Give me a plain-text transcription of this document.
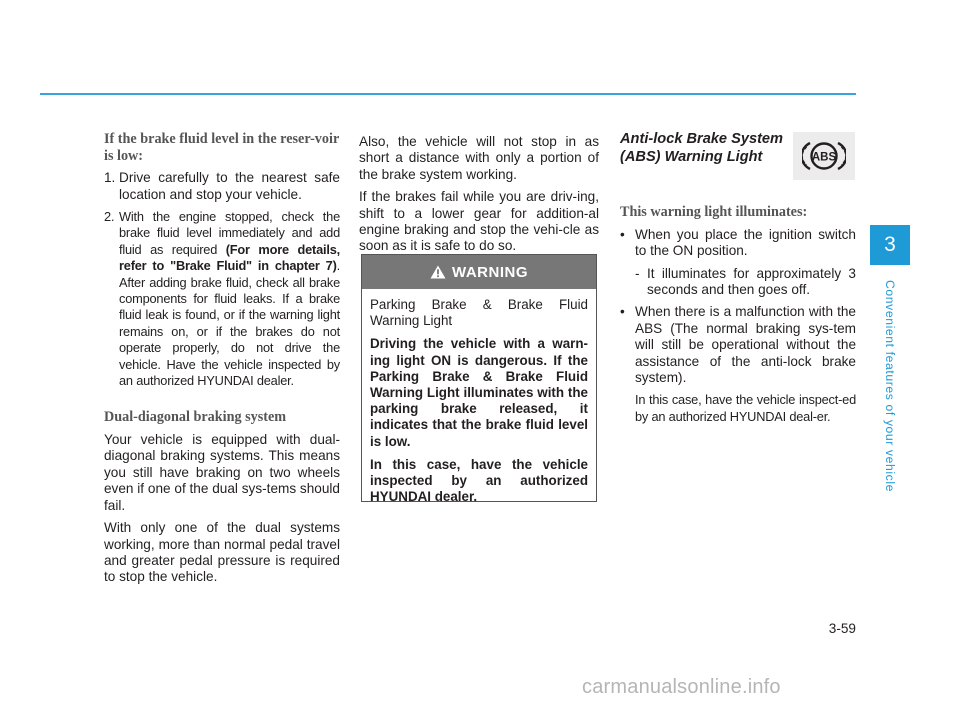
If the brake fluid level in the reser-voir is low:
1. Drive carefully to the nearest safe location and stop your vehicle.
2. With the engine stopped, check the brake fluid level immediately and add fluid as required (For more details, refer to "Brake Fluid" in chapter 7). After adding brake fluid, check all brake components for fluid leaks. If a brake fluid leak is found, or if the warning light remains on, or if the brakes do not operate properly, do not drive the vehicle. Have the vehicle inspected by an authorized HYUNDAI dealer.
Dual-diagonal braking system

Your vehicle is equipped with dual-diagonal braking systems. This means you still have braking on two wheels even if one of the dual sys-tems should fail.

With only one of the dual systems working, more than normal pedal travel and greater pedal pressure is required to stop the vehicle.

Also, the vehicle will not stop in as short a distance with only a portion of the brake system working.

If the brakes fail while you are driv-ing, shift to a lower gear for addition-al engine braking and stop the vehi-cle as soon as it is safe to do so.

WARNING

Parking Brake & Brake Fluid Warning Light

Driving the vehicle with a warn-ing light ON is dangerous. If the Parking Brake & Brake Fluid Warning Light illuminates with the parking brake released, it indicates that the brake fluid level is low.

In this case, have the vehicle inspected by an authorized HYUNDAI dealer.

Anti-lock Brake System (ABS) Warning Light
This warning light illuminates:
• When you place the ignition switch to the ON position.
- It illuminates for approximately 3 seconds and then goes off.
• When there is a malfunction with the ABS (The normal braking sys-tem will still be operational without the assistance of the anti-lock brake system).

In this case, have the vehicle inspect-ed by an authorized HYUNDAI deal-er.

ABS
3
Convenient features of your vehicle
3-59
carmanualsonline.info
